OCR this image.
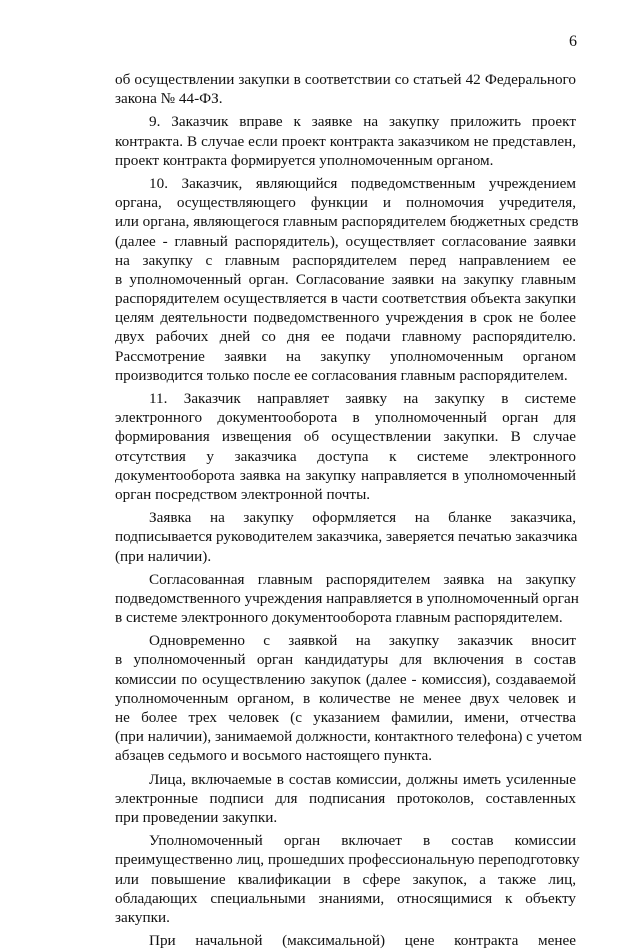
6
об осуществлении закупки в соответствии со статьей 42 Федерального
закона № 44-ФЗ.
9. Заказчик вправе к заявке на закупку приложить проект
контракта. В случае если проект контракта заказчиком не представлен,
проект контракта формируется уполномоченным органом.
10. Заказчик, являющийся подведомственным учреждением
органа, осуществляющего функции и полномочия учредителя,
или органа, являющегося главным распорядителем бюджетных средств
(далее - главный распорядитель), осуществляет согласование заявки
на закупку с главным распорядителем перед направлением ее
в уполномоченный орган. Согласование заявки на закупку главным
распорядителем осуществляется в части соответствия объекта закупки
целям деятельности подведомственного учреждения в срок не более
двух рабочих дней со дня ее подачи главному распорядителю.
Рассмотрение заявки на закупку уполномоченным органом
производится только после ее согласования главным распорядителем.
11. Заказчик направляет заявку на закупку в системе
электронного документооборота в уполномоченный орган для
формирования извещения об осуществлении закупки. В случае
отсутствия у заказчика доступа к системе электронного
документооборота заявка на закупку направляется в уполномоченный
орган посредством электронной почты.
Заявка на закупку оформляется на бланке заказчика,
подписывается руководителем заказчика, заверяется печатью заказчика
(при наличии).
Согласованная главным распорядителем заявка на закупку
подведомственного учреждения направляется в уполномоченный орган
в системе электронного документооборота главным распорядителем.
Одновременно с заявкой на закупку заказчик вносит
в уполномоченный орган кандидатуры для включения в состав
комиссии по осуществлению закупок (далее - комиссия), создаваемой
уполномоченным органом, в количестве не менее двух человек и
не более трех человек (с указанием фамилии, имени, отчества
(при наличии), занимаемой должности, контактного телефона) с учетом
абзацев седьмого и восьмого настоящего пункта.
Лица, включаемые в состав комиссии, должны иметь усиленные
электронные подписи для подписания протоколов, составленных
при проведении закупки.
Уполномоченный орган включает в состав комиссии
преимущественно лиц, прошедших профессиональную переподготовку
или повышение квалификации в сфере закупок, а также лиц,
обладающих специальными знаниями, относящимися к объекту
закупки.
При начальной (максимальной) цене контракта менее
